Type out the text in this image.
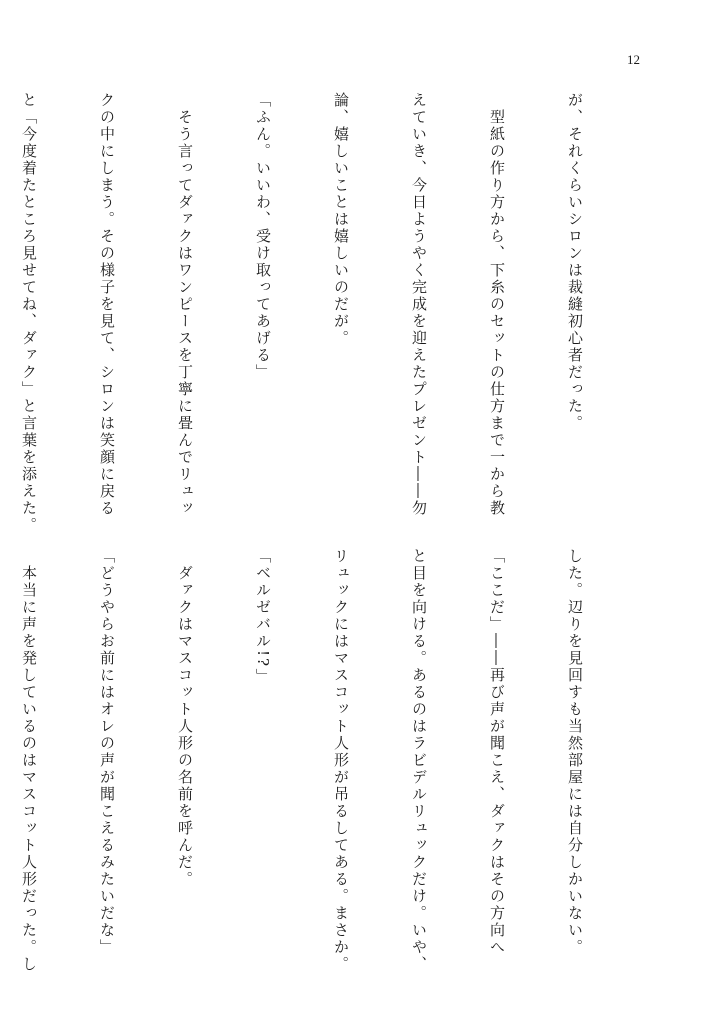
12

が、それくらいシロンは裁縫初心者だった。

　型紙の作り方から、下糸のセットの仕方まで一から教

えていき、今日ようやく完成を迎えたプレゼント――勿

論、嬉しいことは嬉しいのだが。

「ふん。いいわ、受け取ってあげる」

　そう言ってダァクはワンピースを丁寧に畳んでリュッ

クの中にしまう。その様子を見て、シロンは笑顔に戻る

と「今度着たところ見せてね、ダァク」と言葉を添えた。

した。辺りを見回すも当然部屋には自分しかいない。

「ここだ」――再び声が聞こえ、ダァクはその方向へ

と目を向ける。あるのはラビデルリュックだけ。いや、

リュックにはマスコット人形が吊るしてある。まさか。

「ベルゼバル!?」

　ダァクはマスコット人形の名前を呼んだ。

「どうやらお前にはオレの声が聞こえるみたいだな」

　本当に声を発しているのはマスコット人形だった。し
